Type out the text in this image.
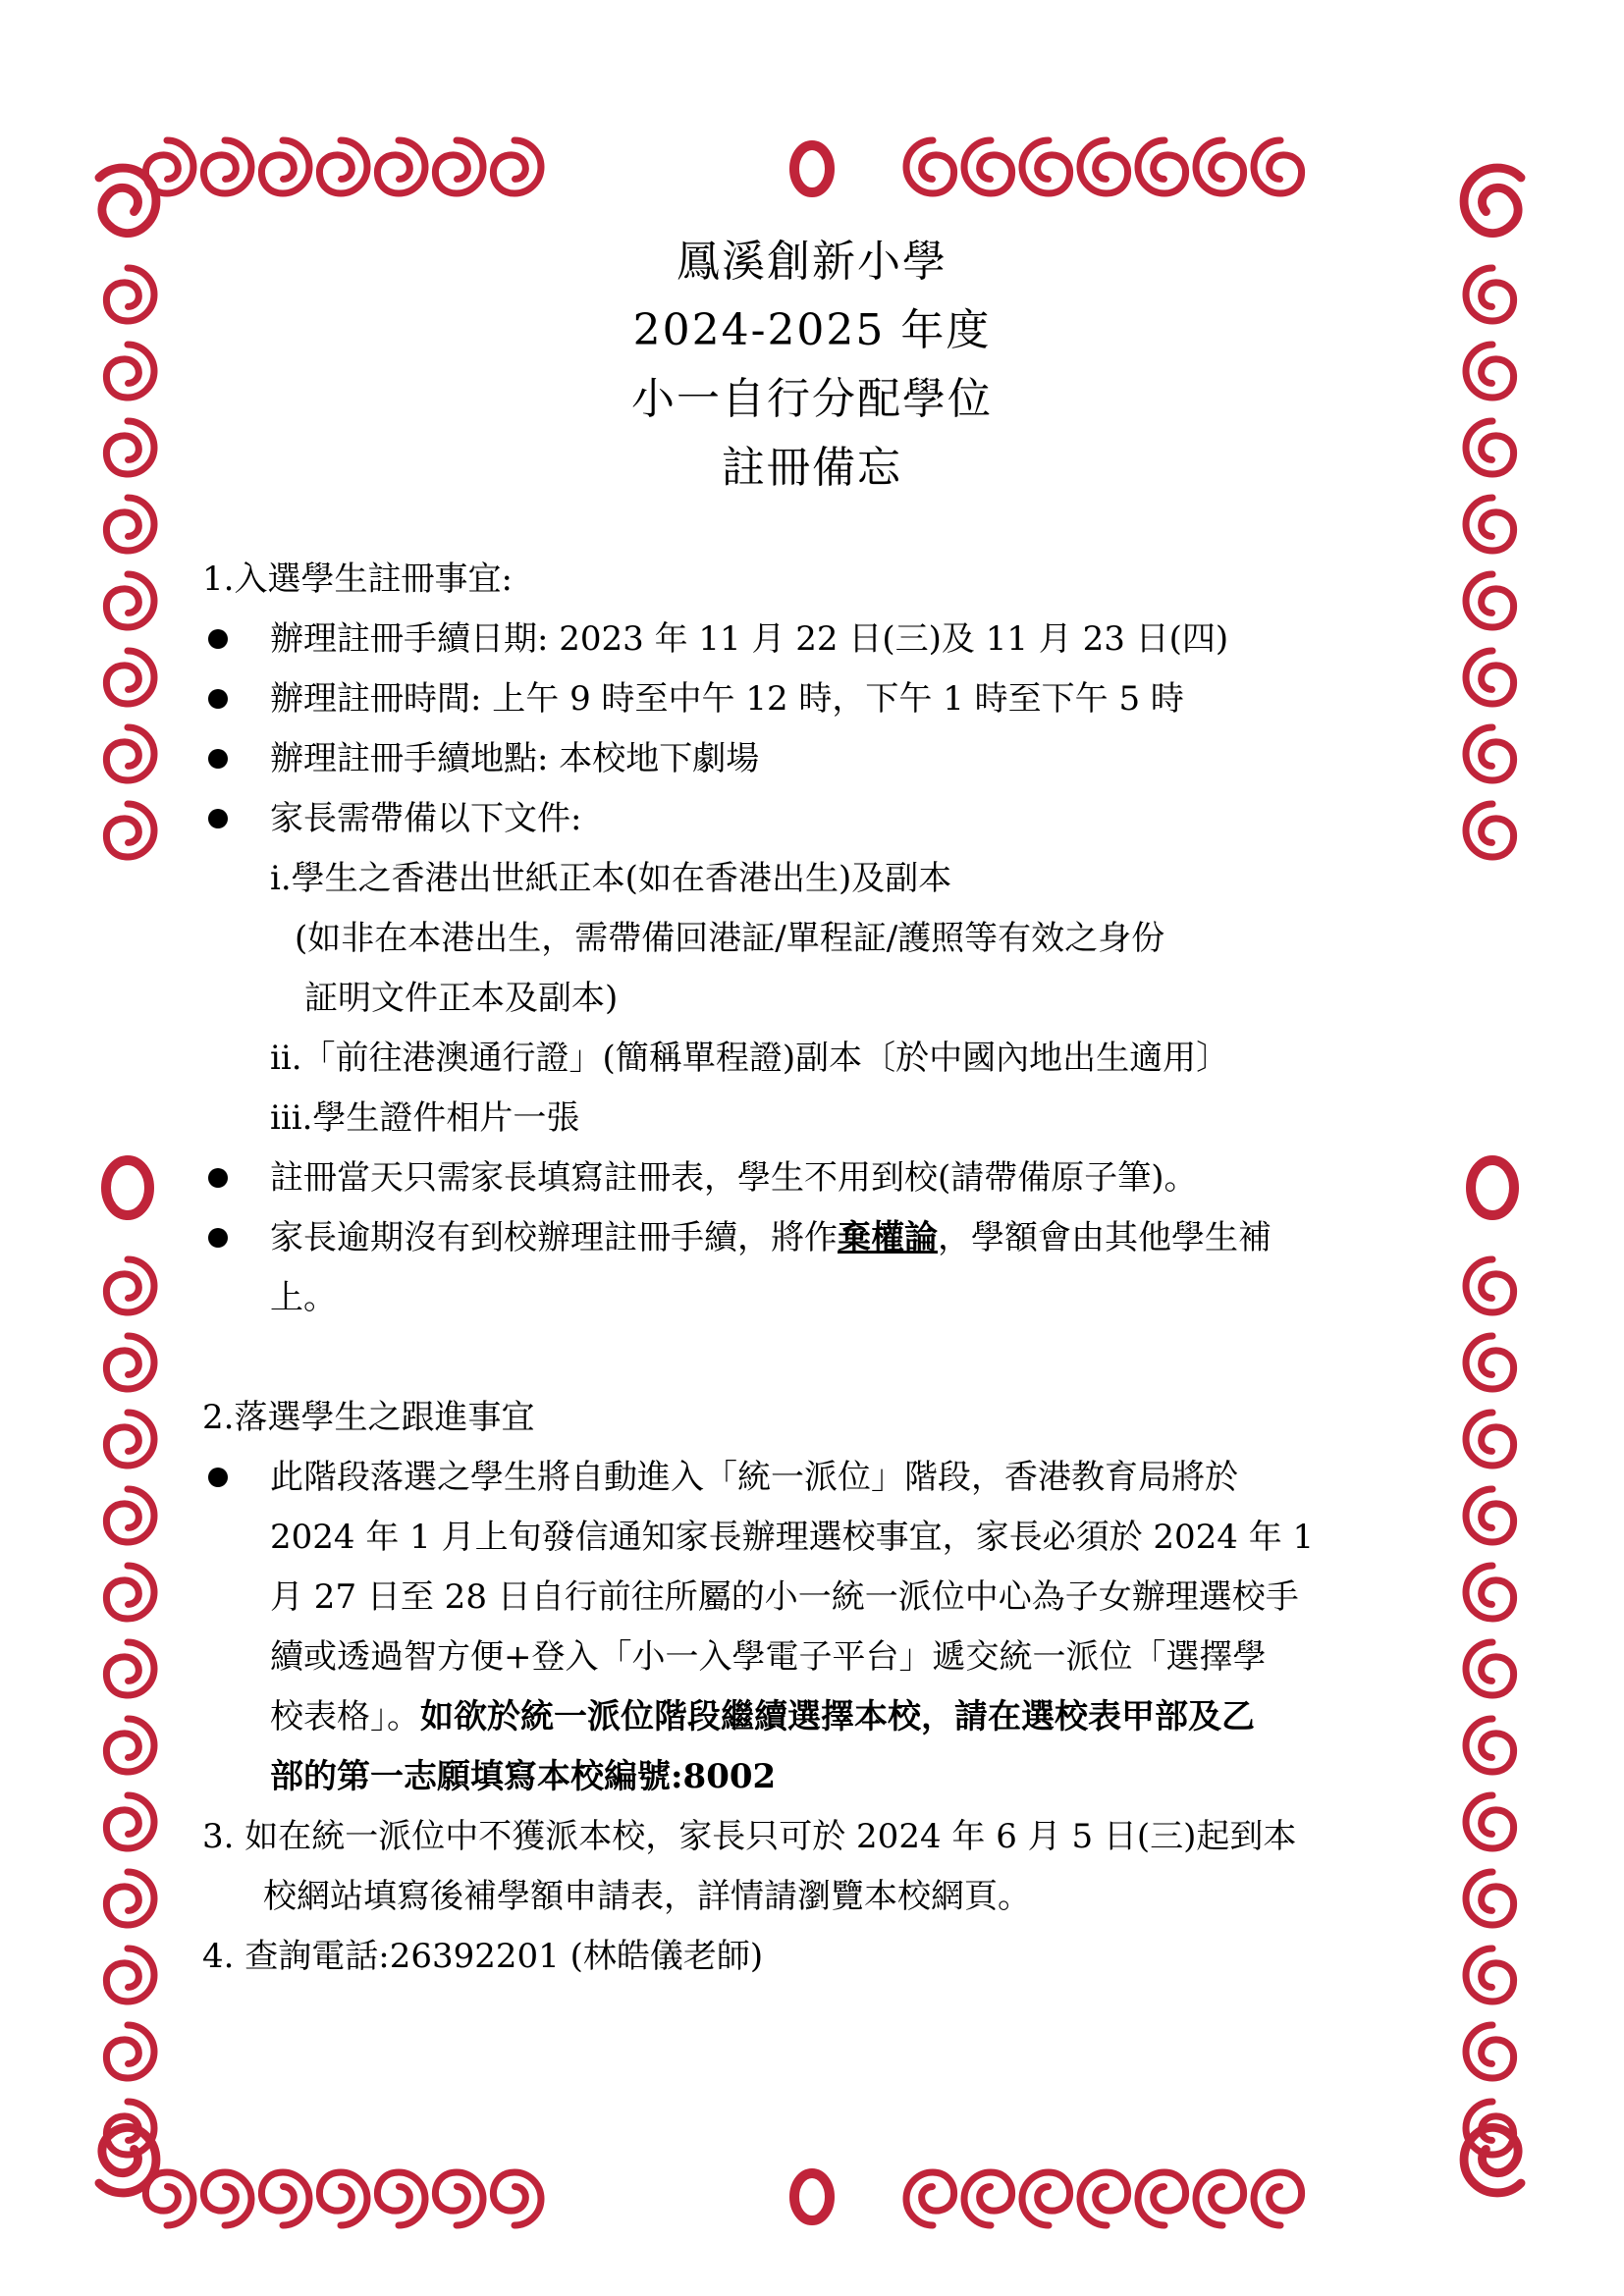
鳳溪創新小學
2024-2025 年度
小一自行分配學位
註冊備忘
1.入選學生註冊事宜:
辦理註冊手續日期: 2023 年 11 月 22 日(三)及 11 月 23 日(四)
辦理註冊時間: 上午 9 時至中午 12 時，下午 1 時至下午 5 時
辦理註冊手續地點: 本校地下劇場
家長需帶備以下文件:
i.學生之香港出世紙正本(如在香港出生)及副本
(如非在本港出生，需帶備回港証/單程証/護照等有效之身份
証明文件正本及副本)
ii.「前往港澳通行證」(簡稱單程證)副本〔於中國內地出生適用〕
iii.學生證件相片一張
註冊當天只需家長填寫註冊表，學生不用到校(請帶備原子筆)。
家長逾期沒有到校辦理註冊手續，將作棄權論，學額會由其他學生補
上。
2.落選學生之跟進事宜
此階段落選之學生將自動進入「統一派位」階段，香港教育局將於
2024 年 1 月上旬發信通知家長辦理選校事宜，家長必須於 2024 年 1
月 27 日至 28 日自行前往所屬的小一統一派位中心為子女辦理選校手
續或透過智方便+登入「小一入學電子平台」遞交統一派位「選擇學
校表格」。如欲於統一派位階段繼續選擇本校，請在選校表甲部及乙
部的第一志願填寫本校編號:8002
3. 如在統一派位中不獲派本校，家長只可於 2024 年 6 月 5 日(三)起到本
校網站填寫後補學額申請表，詳情請瀏覽本校網頁。
4. 查詢電話:26392201 (林皓儀老師)
